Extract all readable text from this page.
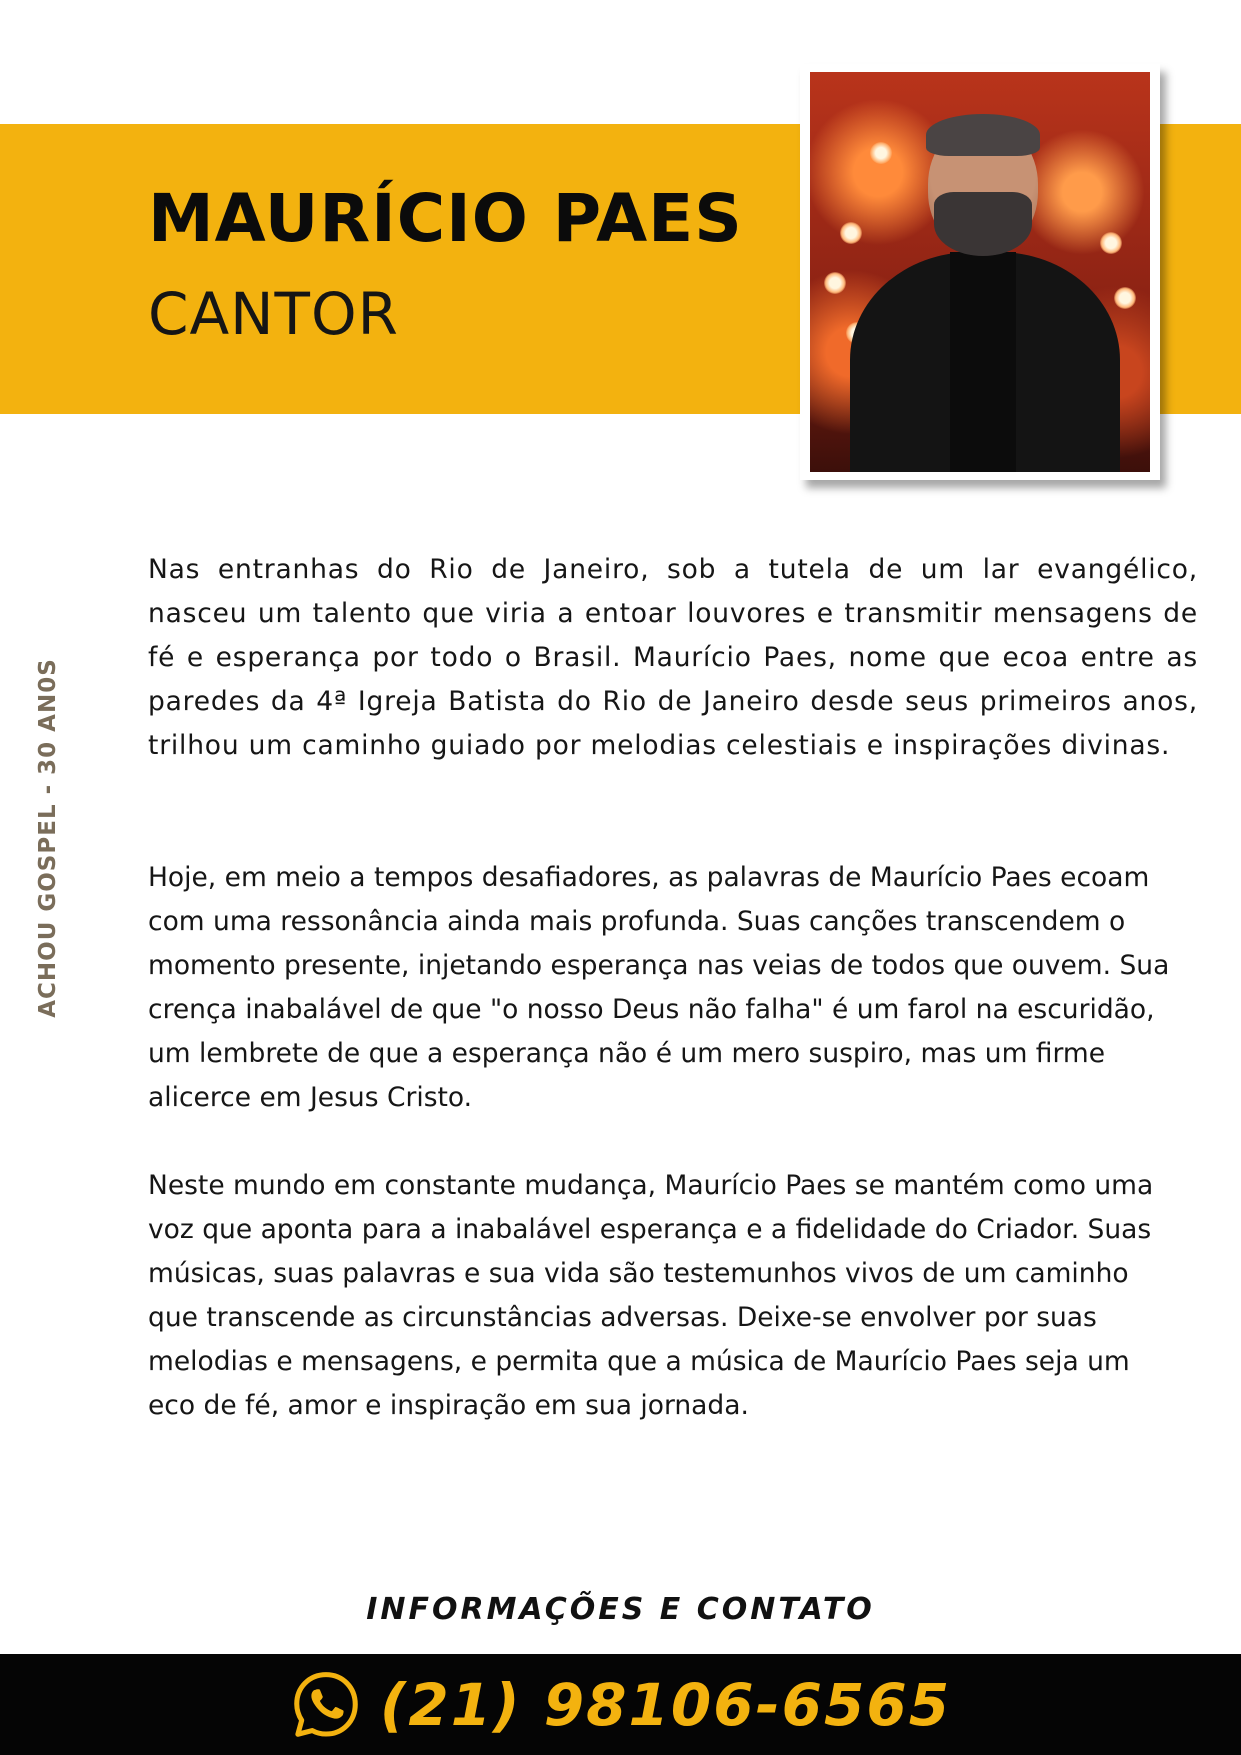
MAURÍCIO PAES
CANTOR
ACHOU GOSPEL - 30 AN0S

Nas entranhas do Rio de Janeiro, sob a tutela de um lar evangélico, nasceu um talento que viria a entoar louvores e transmitir mensagens de fé e esperança por todo o Brasil. Maurício Paes, nome que ecoa entre as paredes da 4ª Igreja Batista do Rio de Janeiro desde seus primeiros anos, trilhou um caminho guiado por melodias celestiais e inspirações divinas.

Hoje, em meio a tempos desafiadores, as palavras de Maurício Paes ecoam com uma ressonância ainda mais profunda. Suas canções transcendem o momento presente, injetando esperança nas veias de todos que ouvem. Sua crença inabalável de que "o nosso Deus não falha" é um farol na escuridão, um lembrete de que a esperança não é um mero suspiro, mas um firme alicerce em Jesus Cristo.

Neste mundo em constante mudança, Maurício Paes se mantém como uma voz que aponta para a inabalável esperança e a fidelidade do Criador. Suas músicas, suas palavras e sua vida são testemunhos vivos de um caminho que transcende as circunstâncias adversas. Deixe-se envolver por suas melodias e mensagens, e permita que a música de Maurício Paes seja um eco de fé, amor e inspiração em sua jornada.

INFORMAÇÕES E CONTATO
(21) 98106-6565
